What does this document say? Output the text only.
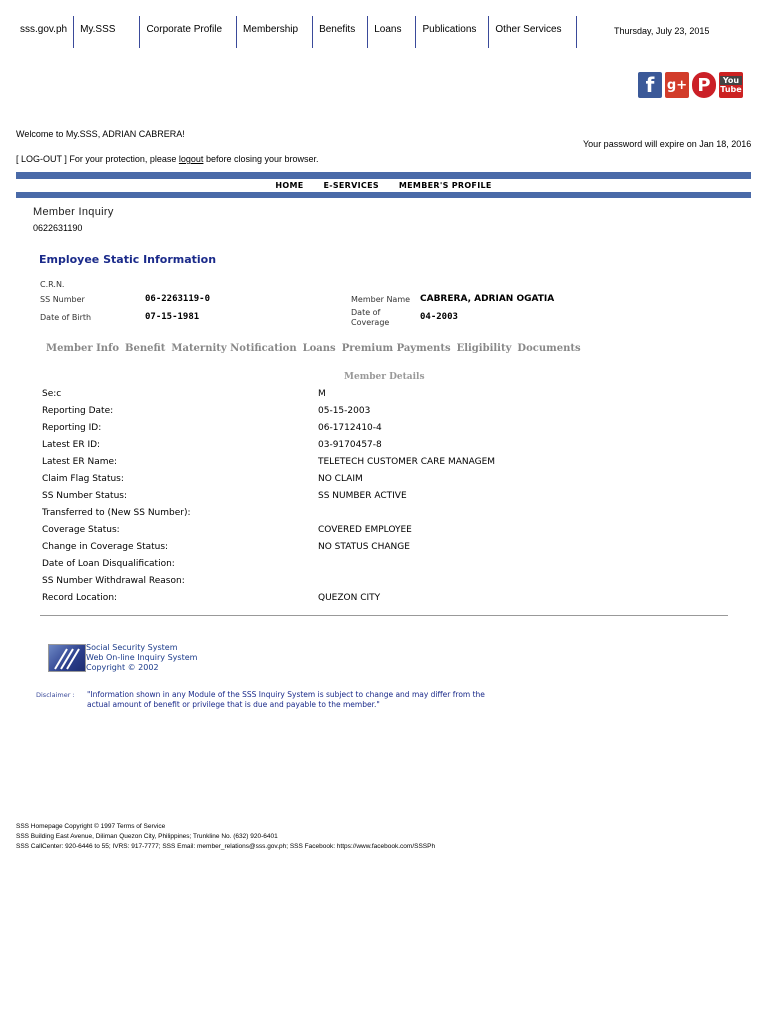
sss.gov.ph	My.SSS	Corporate Profile	Membership	Benefits	Loans	Publications	Other Services	Thursday, July 23, 2015
f g+ P	You
Tube
Welcome to My.SSS, ADRIAN CABRERA!
[ LOG-OUT ] For your protection, please logout before closing your browser.
Your password will expire on Jan 18, 2016
HOME	E-SERVICES	MEMBER'S PROFILE
Member Inquiry
0622631190
Employee Static Information
C.R.N.
SS Number	06-2263119-0
Date of Birth	07-15-1981
Member Name CABRERA, ADRIAN OGATIA
Date of
Coverage
04-2003
Member Info Benefit Maternity Notification Loans Premium Payments Eligibility Documents
Member Details
Se:c	M
Reporting Date:	05-15-2003
Reporting ID:	06-1712410-4
Latest ER ID:	03-9170457-8
Latest ER Name:	TELETECH CUSTOMER CARE MANAGEM
Claim Flag Status:	NO CLAIM
SS Number Status:	SS NUMBER ACTIVE
Transferred to (New SS Number):
Coverage Status:	COVERED EMPLOYEE
Change in Coverage Status:	NO STATUS CHANGE
Date of Loan Disqualification:
SS Number Withdrawal Reason:
Record Location:	QUEZON CITY
Social Security System
Web On-line Inquiry System
Copyright © 2002
Disclaimer : "Information shown in any Module of the SSS Inquiry System is subject to change and may differ from the actual amount of benefit or privilege that is due and payable to the member."
SSS Homepage Copyright © 1997 Terms of Service
SSS Building East Avenue, Diliman Quezon City, Philippines; Trunkline No. (632) 920-6401
SSS CallCenter: 920-6446 to 55; IVRS: 917-7777; SSS Email: member_relations@sss.gov.ph; SSS Facebook: https://www.facebook.com/SSSPh
